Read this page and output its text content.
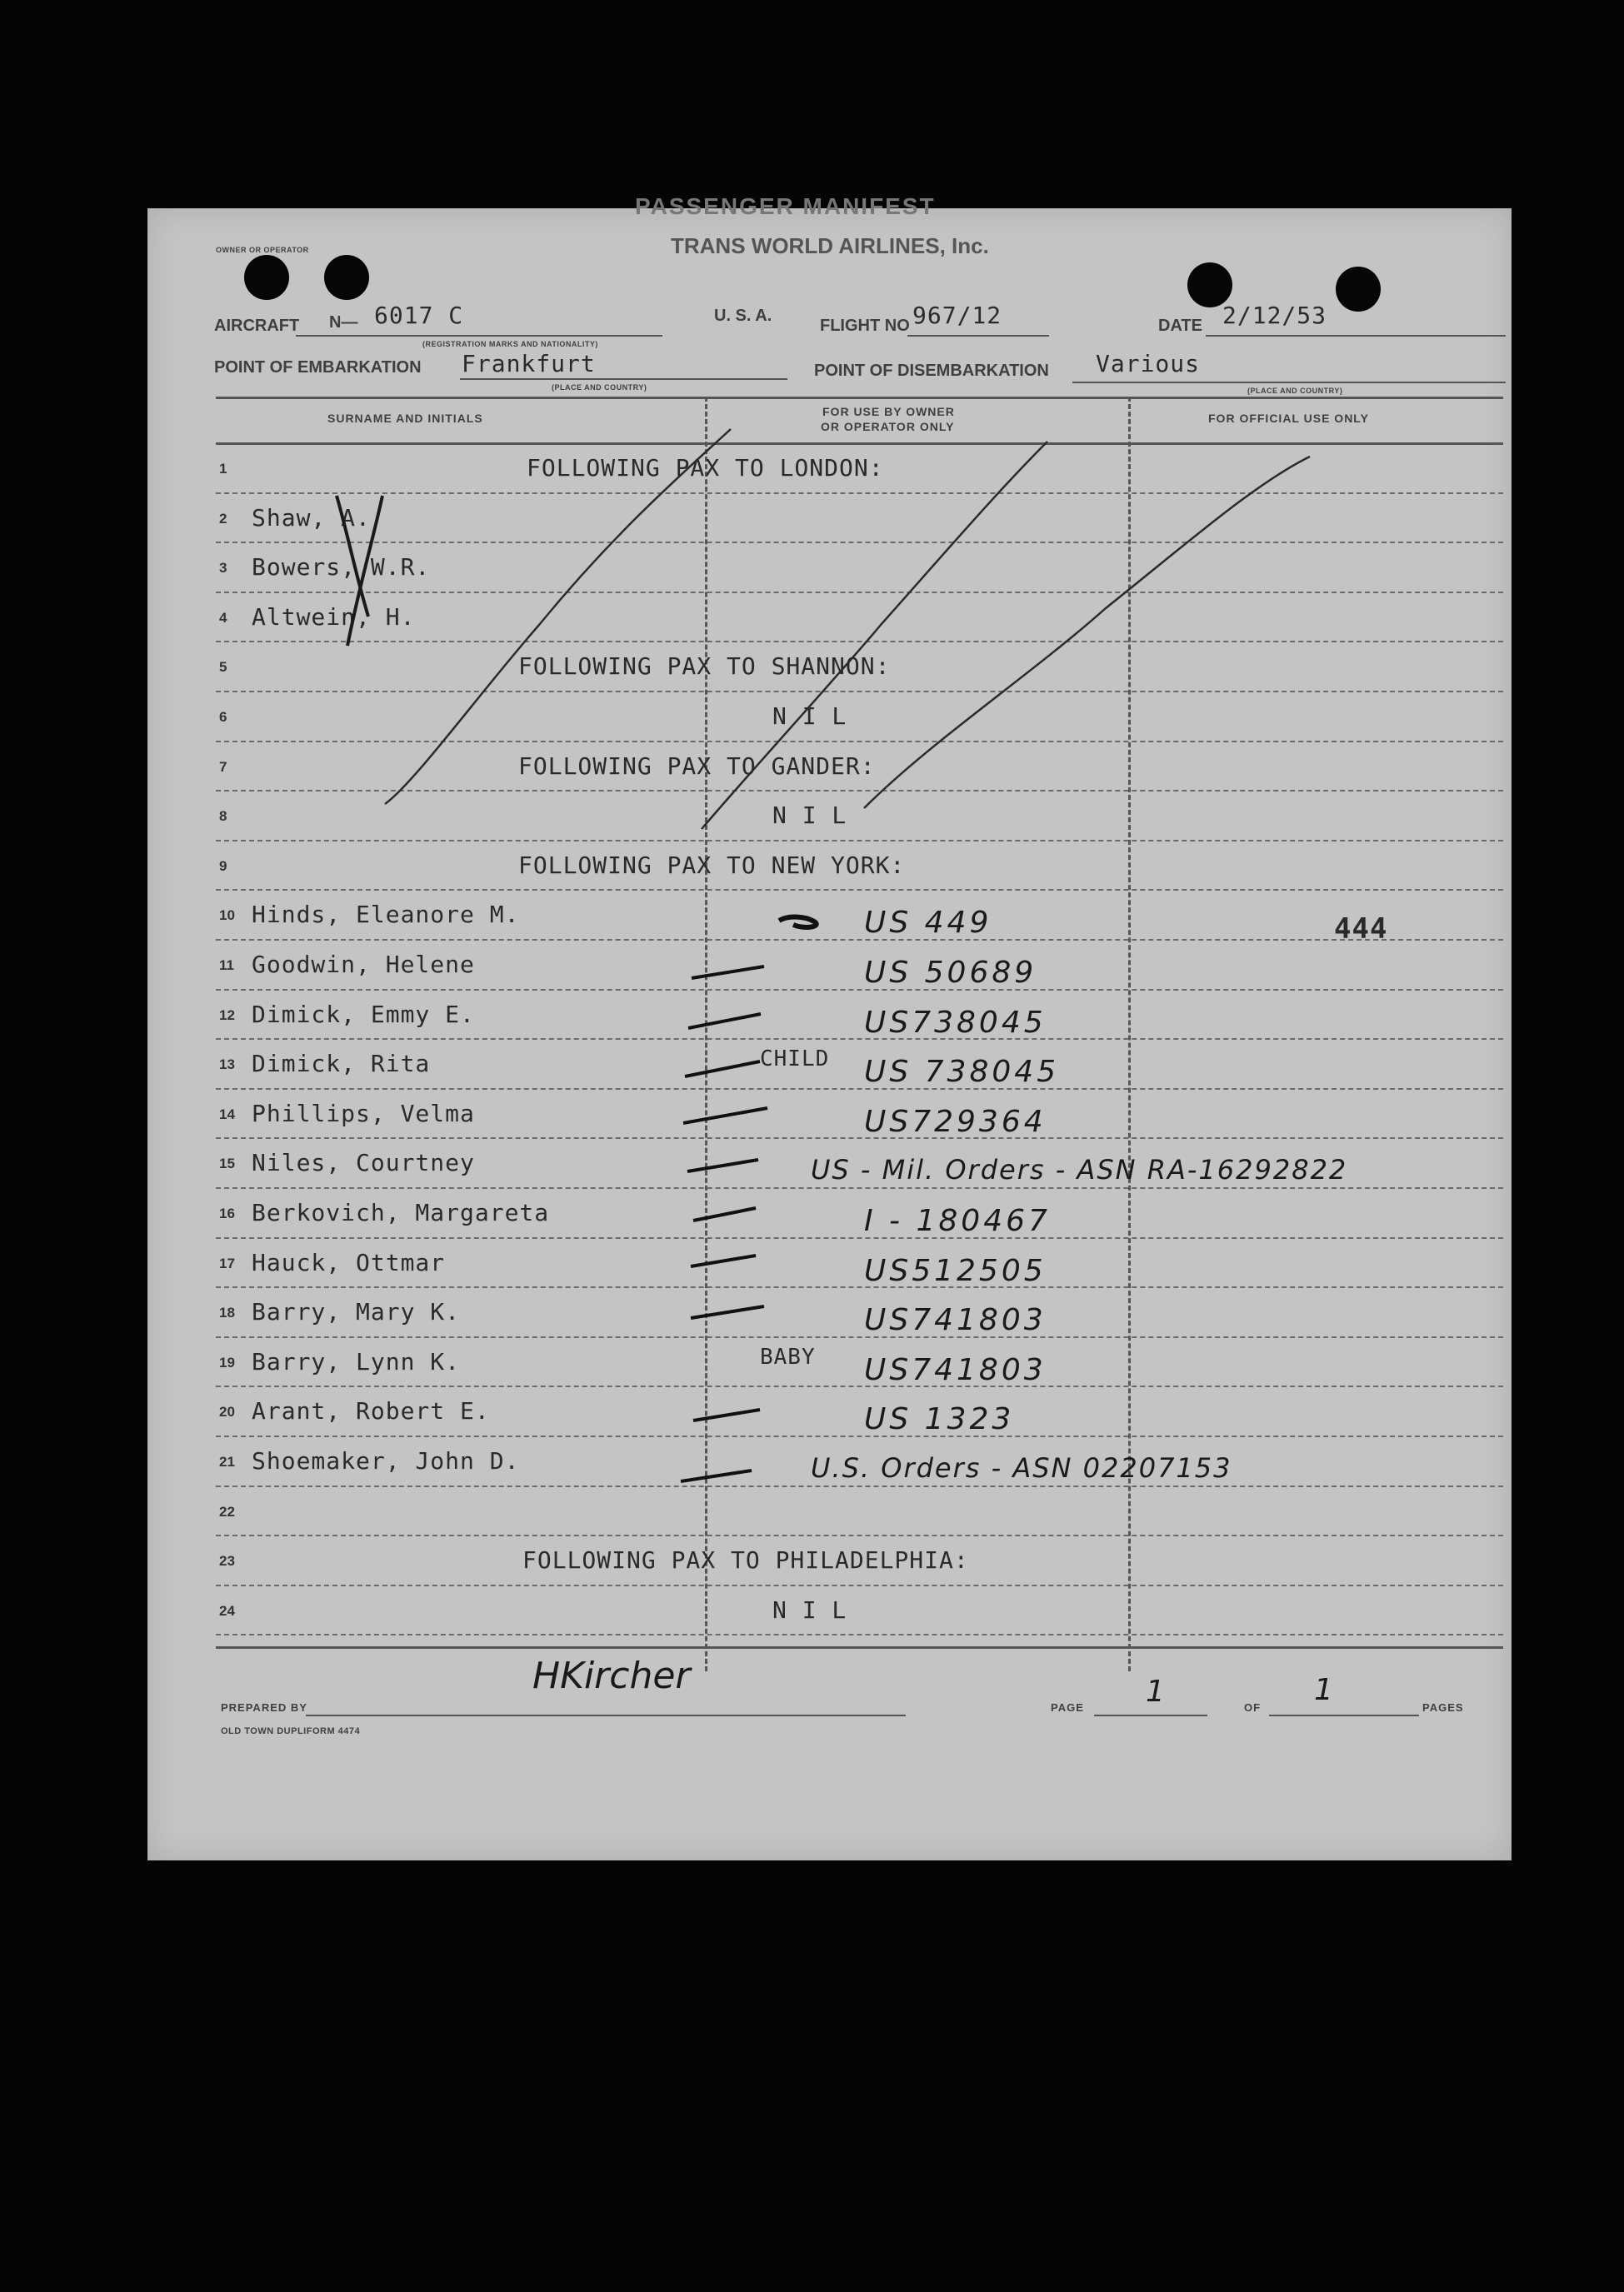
PASSENGER MANIFEST
TRANS WORLD AIRLINES, Inc.
OWNER OR OPERATOR
AIRCRAFT N— 6017 C
(REGISTRATION MARKS AND NATIONALITY)
U. S. A.
FLIGHT NO 967/12	DATE 2/12/53
POINT OF EMBARKATION Frankfurt
(PLACE AND COUNTRY)
POINT OF DISEMBARKATION Various
(PLACE AND COUNTRY)
SURNAME AND INITIALS	FOR USE BY OWNER
OR OPERATOR ONLY
FOR OFFICIAL USE ONLY
1	FOLLOWING PAX TO LONDON:
2 Shaw, A.
3 Bowers, W.R.
4 Altwein, H.
5	FOLLOWING PAX TO SHANNON:
6	N I L
7	FOLLOWING PAX TO GANDER:
8	N I L
9	FOLLOWING PAX TO NEW YORK:
10 Hinds, Eleanore M.	US 449	444
11 Goodwin, Helene	US 50689
12 Dimick, Emmy E.	US738045
13 Dimick, Rita	CHILD US 738045
14 Phillips, Velma	US729364
15 Niles, Courtney	US - Mil. Orders - ASN RA-16292822
16 Berkovich, Margareta	I - 180467
17 Hauck, Ottmar	US512505
18 Barry, Mary K.	US741803
19 Barry, Lynn K.	BABY US741803
20 Arant, Robert E.	US 1323
21 Shoemaker, John D.	U.S. Orders - ASN 02207153
22
23	FOLLOWING PAX TO PHILADELPHIA:
24	N I L
PREPARED BY
HKircher
PAGE 1	OF
1
PAGES
OLD TOWN DUPLIFORM 4474
